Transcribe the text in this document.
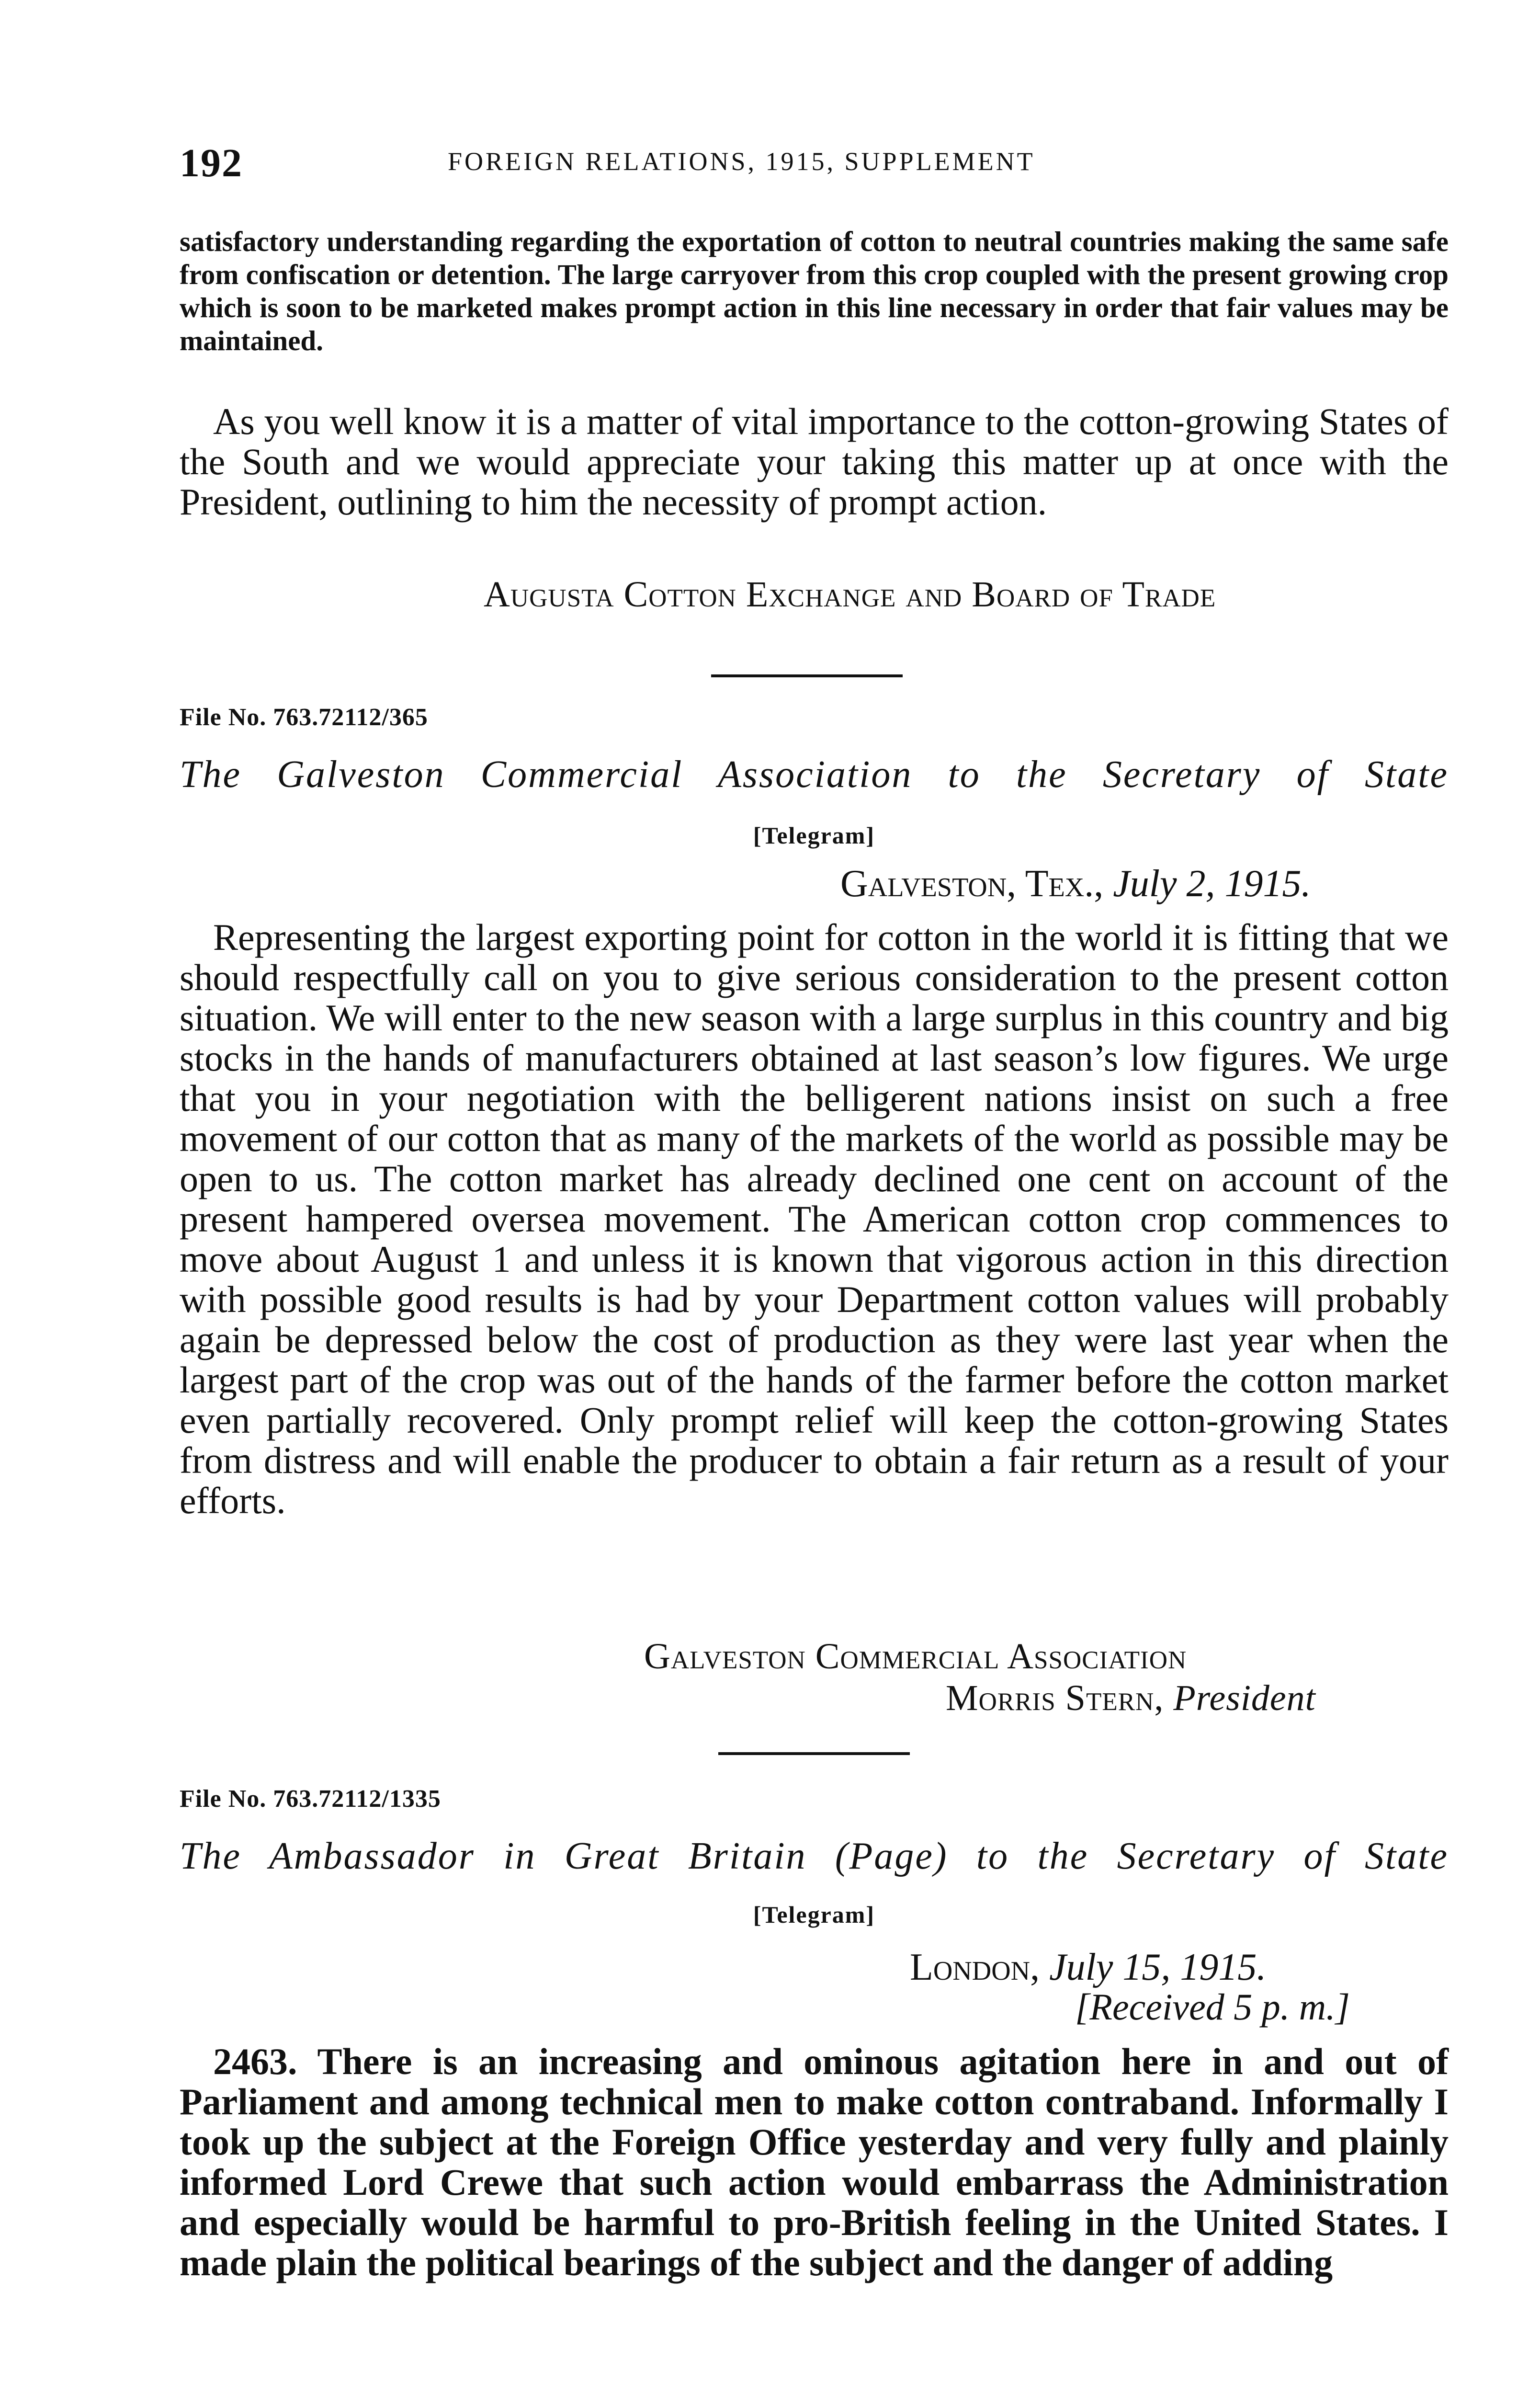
192	FOREIGN RELATIONS, 1915, SUPPLEMENT

satisfactory understanding regarding the exportation of cotton to neutral countries making the same safe from confiscation or detention. The large carryover from this crop coupled with the present growing crop which is soon to be marketed makes prompt action in this line necessary in order that fair values may be maintained.

As you well know it is a matter of vital importance to the cotton-growing States of the South and we would appreciate your taking this matter up at once with the President, outlining to him the necessity of prompt action.

Augusta Cotton Exchange and Board of Trade
File No. 763.72112/365
The Galveston Commercial Association to the Secretary of State
[Telegram]
Galveston, Tex., July 2, 1915.

Representing the largest exporting point for cotton in the world it is fitting that we should respectfully call on you to give serious consideration to the present cotton situation. We will enter to the new season with a large surplus in this country and big stocks in the hands of manufacturers obtained at last season’s low figures. We urge that you in your negotiation with the belligerent nations insist on such a free movement of our cotton that as many of the markets of the world as possible may be open to us. The cotton market has already declined one cent on account of the present hampered oversea movement. The American cotton crop commences to move about August 1 and unless it is known that vigorous action in this direction with possible good results is had by your Department cotton values will probably again be depressed below the cost of production as they were last year when the largest part of the crop was out of the hands of the farmer before the cotton market even partially recovered. Only prompt relief will keep the cotton-growing States from distress and will enable the producer to obtain a fair return as a result of your efforts.

Galveston Commercial Association
Morris Stern, President
File No. 763.72112/1335
The Ambassador in Great Britain (Page) to the Secretary of State
[Telegram]
London, July 15, 1915.
[Received 5 p. m.]

2463. There is an increasing and ominous agitation here in and out of Parliament and among technical men to make cotton contraband. Informally I took up the subject at the Foreign Office yesterday and very fully and plainly informed Lord Crewe that such action would embarrass the Administration and especially would be harmful to pro-British feeling in the United States. I made plain the political bearings of the subject and the danger of adding
